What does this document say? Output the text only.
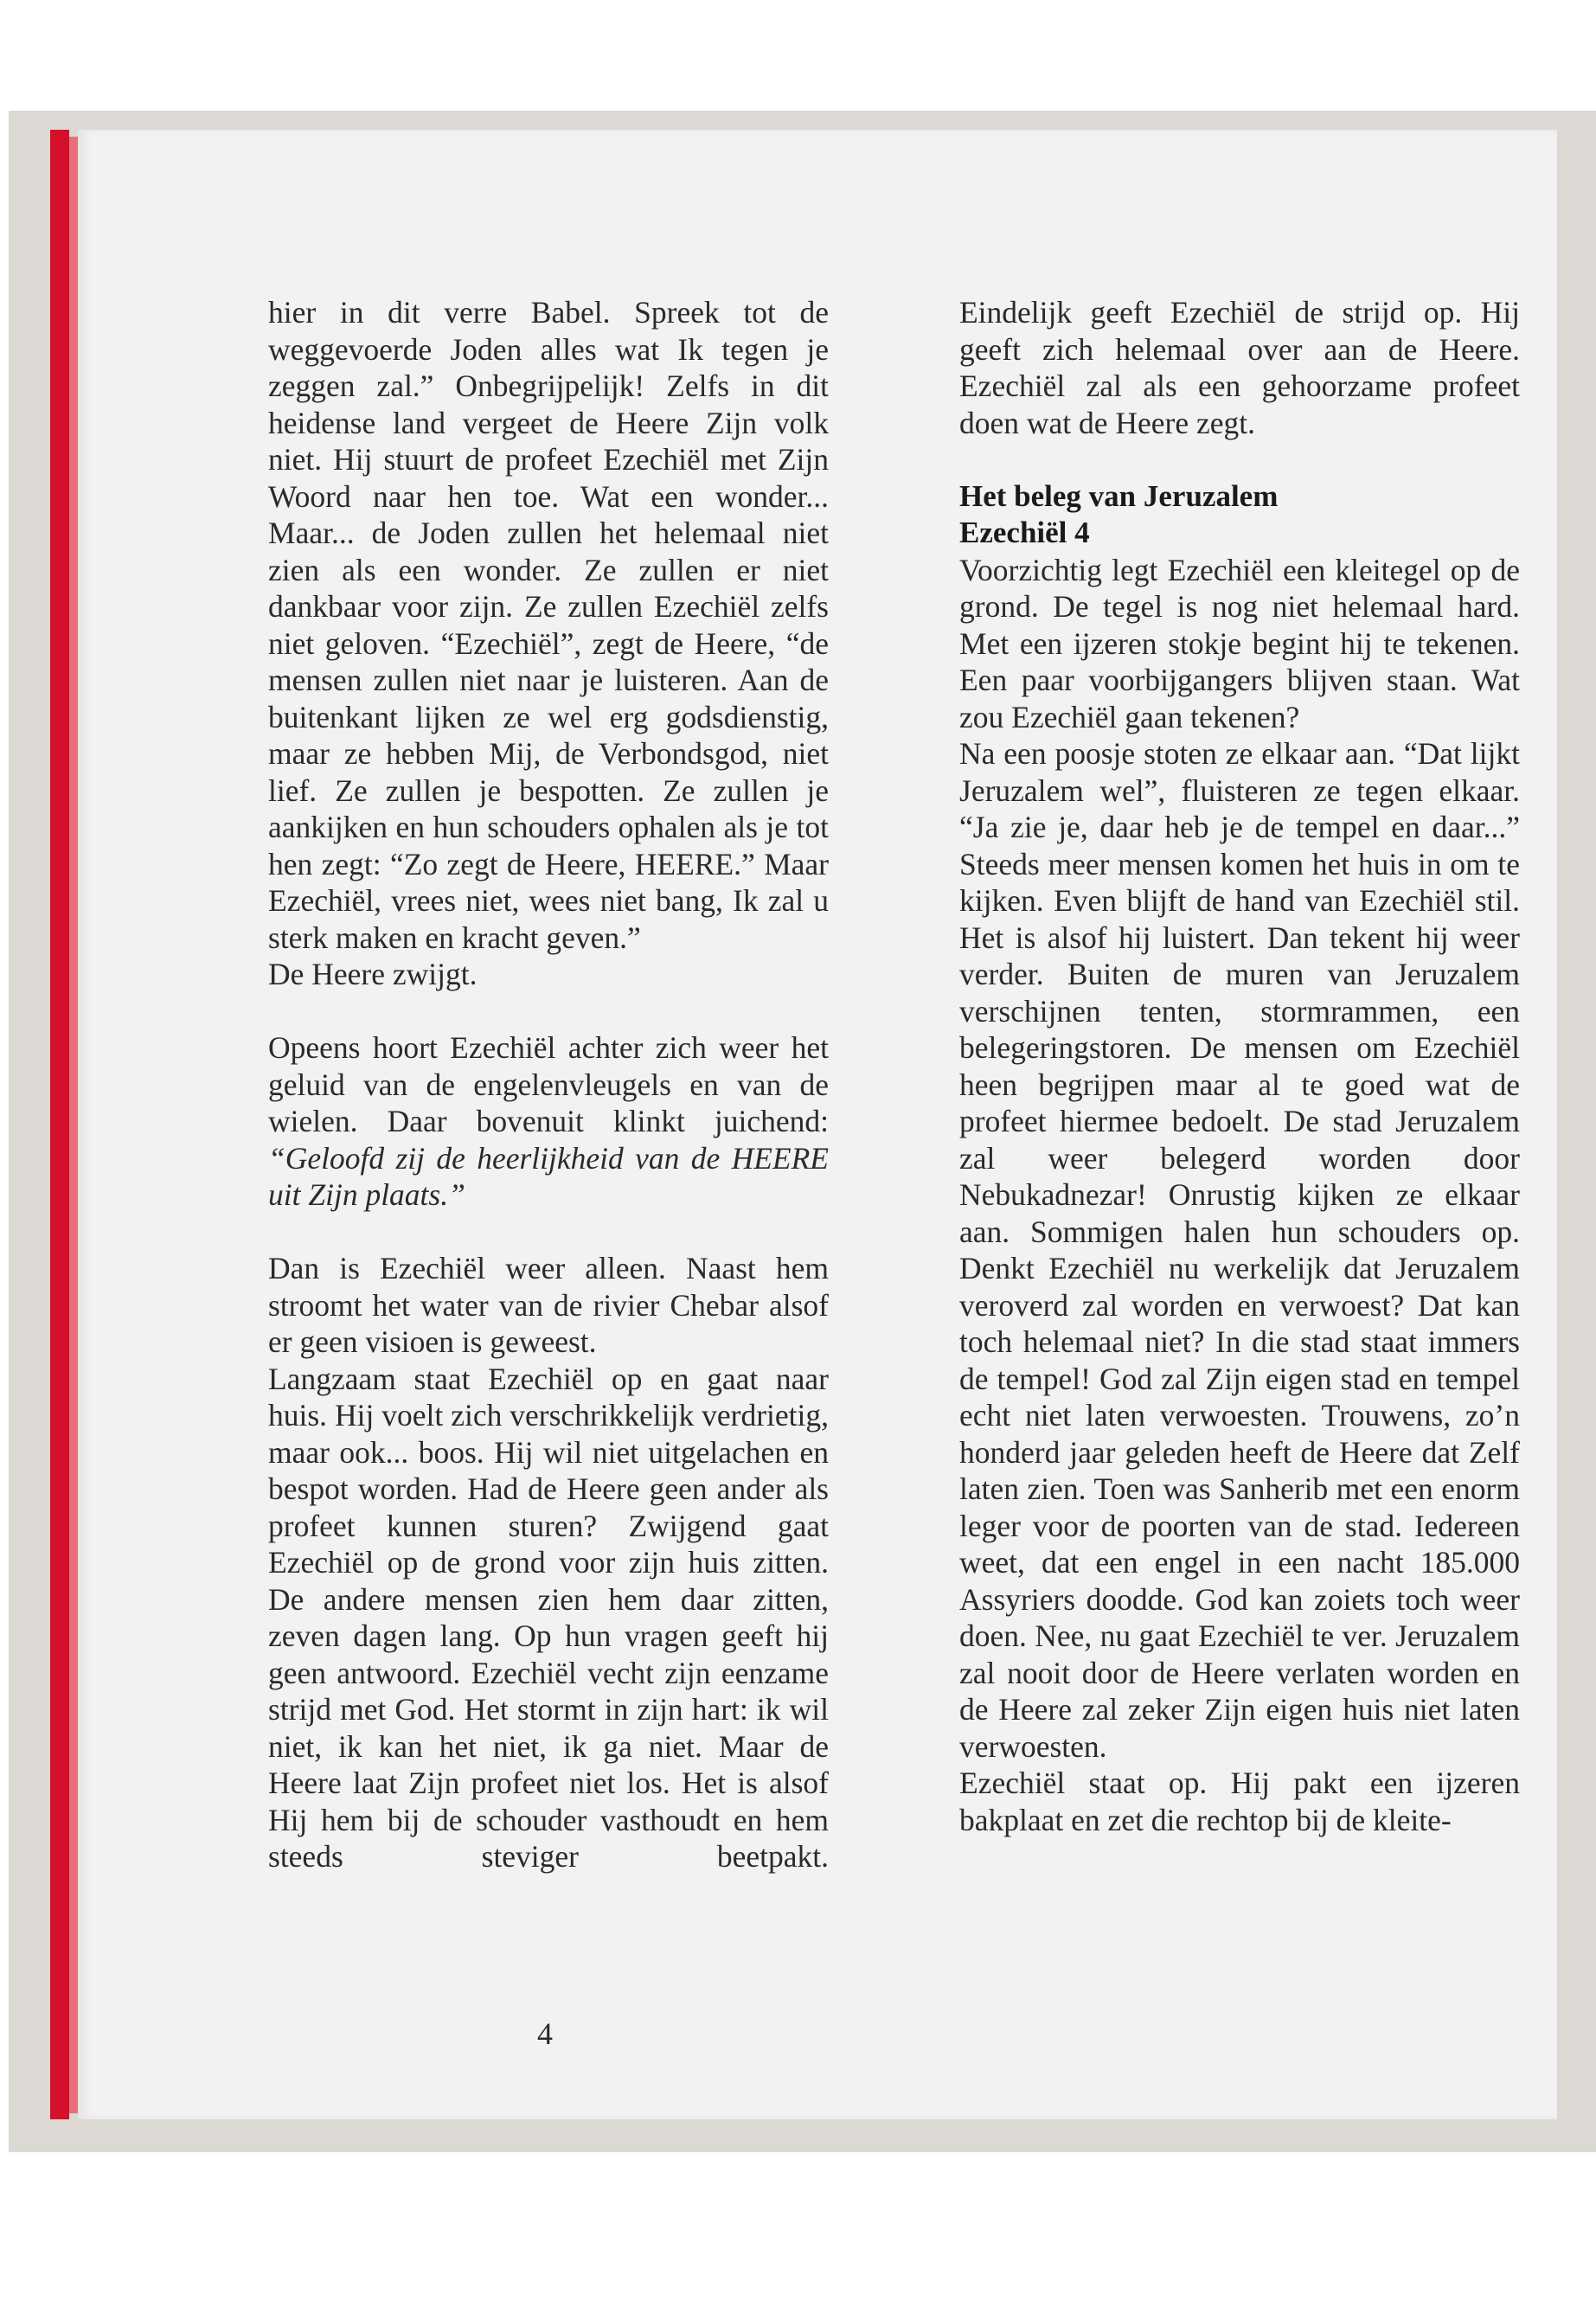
hier in dit verre Babel. Spreek tot de weggevoerde Joden alles wat Ik tegen je zeggen zal.” Onbegrijpelijk! Zelfs in dit heidense land vergeet de Heere Zijn volk niet. Hij stuurt de profeet Ezechiël met Zijn Woord naar hen toe. Wat een wonder... Maar... de Joden zullen het helemaal niet zien als een wonder. Ze zullen er niet dankbaar voor zijn. Ze zullen Ezechiël zelfs niet geloven. “Ezechiël”, zegt de Heere, “de mensen zullen niet naar je luisteren. Aan de buitenkant lijken ze wel erg godsdienstig, maar ze hebben Mij, de Verbondsgod, niet lief. Ze zullen je bespotten. Ze zullen je aankijken en hun schouders ophalen als je tot hen zegt: “Zo zegt de Heere, HEERE.” Maar Ezechiël, vrees niet, wees niet bang, Ik zal u sterk maken en kracht geven.”

De Heere zwijgt.

Opeens hoort Ezechiël achter zich weer het geluid van de engelenvleugels en van de wielen. Daar bovenuit klinkt juichend: “Geloofd zij de heerlijkheid van de HEERE uit Zijn plaats.”

Dan is Ezechiël weer alleen. Naast hem stroomt het water van de rivier Chebar alsof er geen visioen is geweest.

Langzaam staat Ezechiël op en gaat naar huis. Hij voelt zich verschrikkelijk verdrietig, maar ook... boos. Hij wil niet uitgelachen en bespot worden. Had de Heere geen ander als profeet kunnen sturen? Zwijgend gaat Ezechiël op de grond voor zijn huis zitten. De andere mensen zien hem daar zitten, zeven dagen lang. Op hun vragen geeft hij geen antwoord. Ezechiël vecht zijn eenzame strijd met God. Het stormt in zijn hart: ik wil niet, ik kan het niet, ik ga niet. Maar de Heere laat Zijn profeet niet los. Het is alsof Hij hem bij de schouder vasthoudt en hem steeds steviger beetpakt.

Eindelijk geeft Ezechiël de strijd op. Hij geeft zich helemaal over aan de Heere. Ezechiël zal als een gehoorzame profeet doen wat de Heere zegt.

Het beleg van Jeruzalem

Ezechiël 4

Voorzichtig legt Ezechiël een kleitegel op de grond. De tegel is nog niet helemaal hard. Met een ijzeren stokje begint hij te tekenen. Een paar voorbijgangers blijven staan. Wat zou Ezechiël gaan tekenen?

Na een poosje stoten ze elkaar aan. “Dat lijkt Jeruzalem wel”, fluisteren ze tegen elkaar. “Ja zie je, daar heb je de tempel en daar...” Steeds meer mensen komen het huis in om te kijken. Even blijft de hand van Ezechiël stil. Het is alsof hij luistert. Dan tekent hij weer verder. Buiten de muren van Jeruzalem verschijnen tenten, stormrammen, een belegeringstoren. De mensen om Ezechiël heen begrijpen maar al te goed wat de profeet hiermee bedoelt. De stad Jeruzalem zal weer belegerd worden door Nebukadnezar! Onrustig kijken ze elkaar aan. Sommigen halen hun schouders op. Denkt Ezechiël nu werkelijk dat Jeruzalem veroverd zal worden en verwoest? Dat kan toch helemaal niet? In die stad staat immers de tempel! God zal Zijn eigen stad en tempel echt niet laten verwoesten. Trouwens, zo’n honderd jaar geleden heeft de Heere dat Zelf laten zien. Toen was Sanherib met een enorm leger voor de poorten van de stad. Iedereen weet, dat een engel in een nacht 185.000 Assyriers doodde. God kan zoiets toch weer doen. Nee, nu gaat Ezechiël te ver. Jeruzalem zal nooit door de Heere verlaten worden en de Heere zal zeker Zijn eigen huis niet laten verwoesten.

Ezechiël staat op. Hij pakt een ijzeren bakplaat en zet die rechtop bij de kleite-

4
